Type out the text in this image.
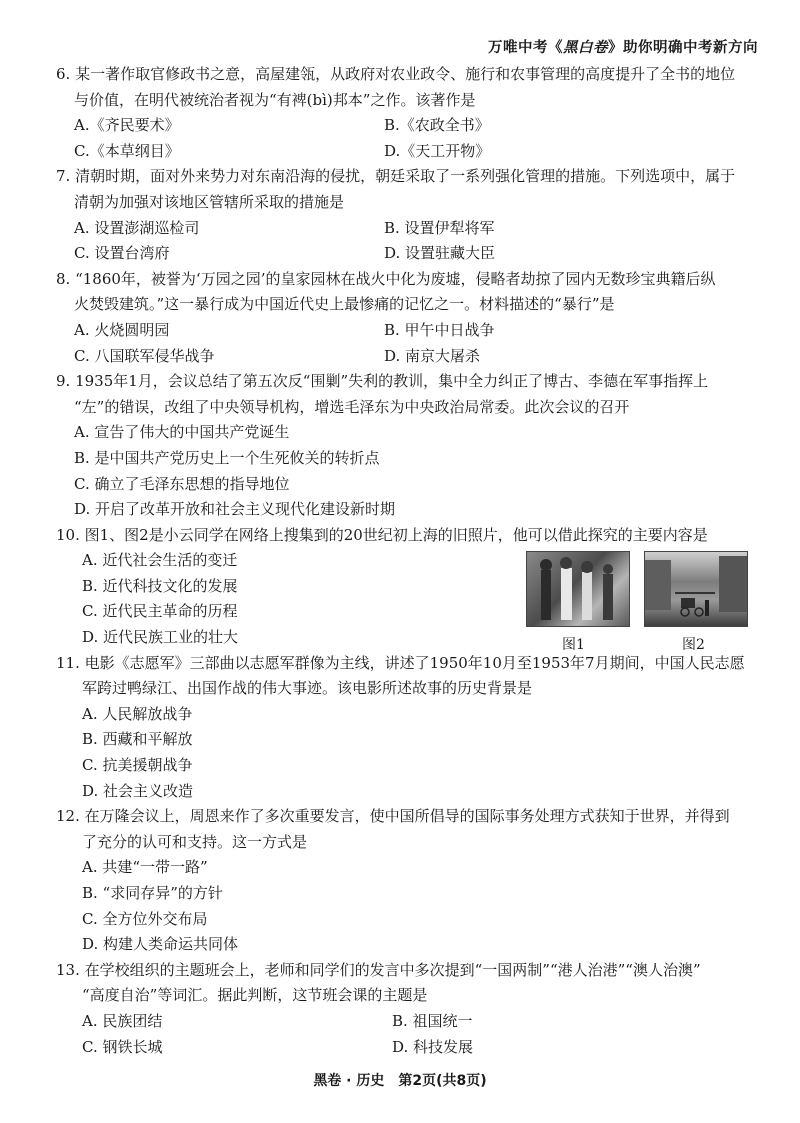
万唯中考《黑白卷》助你明确中考新方向

6. 某一著作取官修政书之意，高屋建瓴，从政府对农业政令、施行和农事管理的高度提升了全书的地位
与价值，在明代被统治者视为“有裨(bì)邦本”之作。该著作是

A.《齐民要术》	B.《农政全书》
C.《本草纲目》	D.《天工开物》

7. 清朝时期，面对外来势力对东南沿海的侵扰，朝廷采取了一系列强化管理的措施。下列选项中，属于
清朝为加强对该地区管辖所采取的措施是

A. 设置澎湖巡检司	B. 设置伊犁将军
C. 设置台湾府	D. 设置驻藏大臣

8. “1860年，被誉为‘万园之园’的皇家园林在战火中化为废墟，侵略者劫掠了园内无数珍宝典籍后纵
火焚毁建筑。”这一暴行成为中国近代史上最惨痛的记忆之一。材料描述的“暴行”是

A. 火烧圆明园	B. 甲午中日战争
C. 八国联军侵华战争	D. 南京大屠杀

9. 1935年1月，会议总结了第五次反“围剿”失利的教训，集中全力纠正了博古、李德在军事指挥上
“左”的错误，改组了中央领导机构，增选毛泽东为中央政治局常委。此次会议的召开

A. 宣告了伟大的中国共产党诞生
B. 是中国共产党历史上一个生死攸关的转折点
C. 确立了毛泽东思想的指导地位
D. 开启了改革开放和社会主义现代化建设新时期

10. 图1、图2是小云同学在网络上搜集到的20世纪初上海的旧照片，他可以借此探究的主要内容是

A. 近代社会生活的变迁
B. 近代科技文化的发展
C. 近代民主革命的历程
D. 近代民族工业的壮大	图1	图2

11. 电影《志愿军》三部曲以志愿军群像为主线，讲述了1950年10月至1953年7月期间，中国人民志愿
军跨过鸭绿江、出国作战的伟大事迹。该电影所述故事的历史背景是

A. 人民解放战争
B. 西藏和平解放
C. 抗美援朝战争
D. 社会主义改造

12. 在万隆会议上，周恩来作了多次重要发言，使中国所倡导的国际事务处理方式获知于世界，并得到
了充分的认可和支持。这一方式是

A. 共建“一带一路”
B. “求同存异”的方针
C. 全方位外交布局
D. 构建人类命运共同体

13. 在学校组织的主题班会上，老师和同学们的发言中多次提到“一国两制”“港人治港”“澳人治澳”
“高度自治”等词汇。据此判断，这节班会课的主题是

A. 民族团结	B. 祖国统一
C. 钢铁长城	D. 科技发展
黑卷 · 历史　第2页(共8页)
